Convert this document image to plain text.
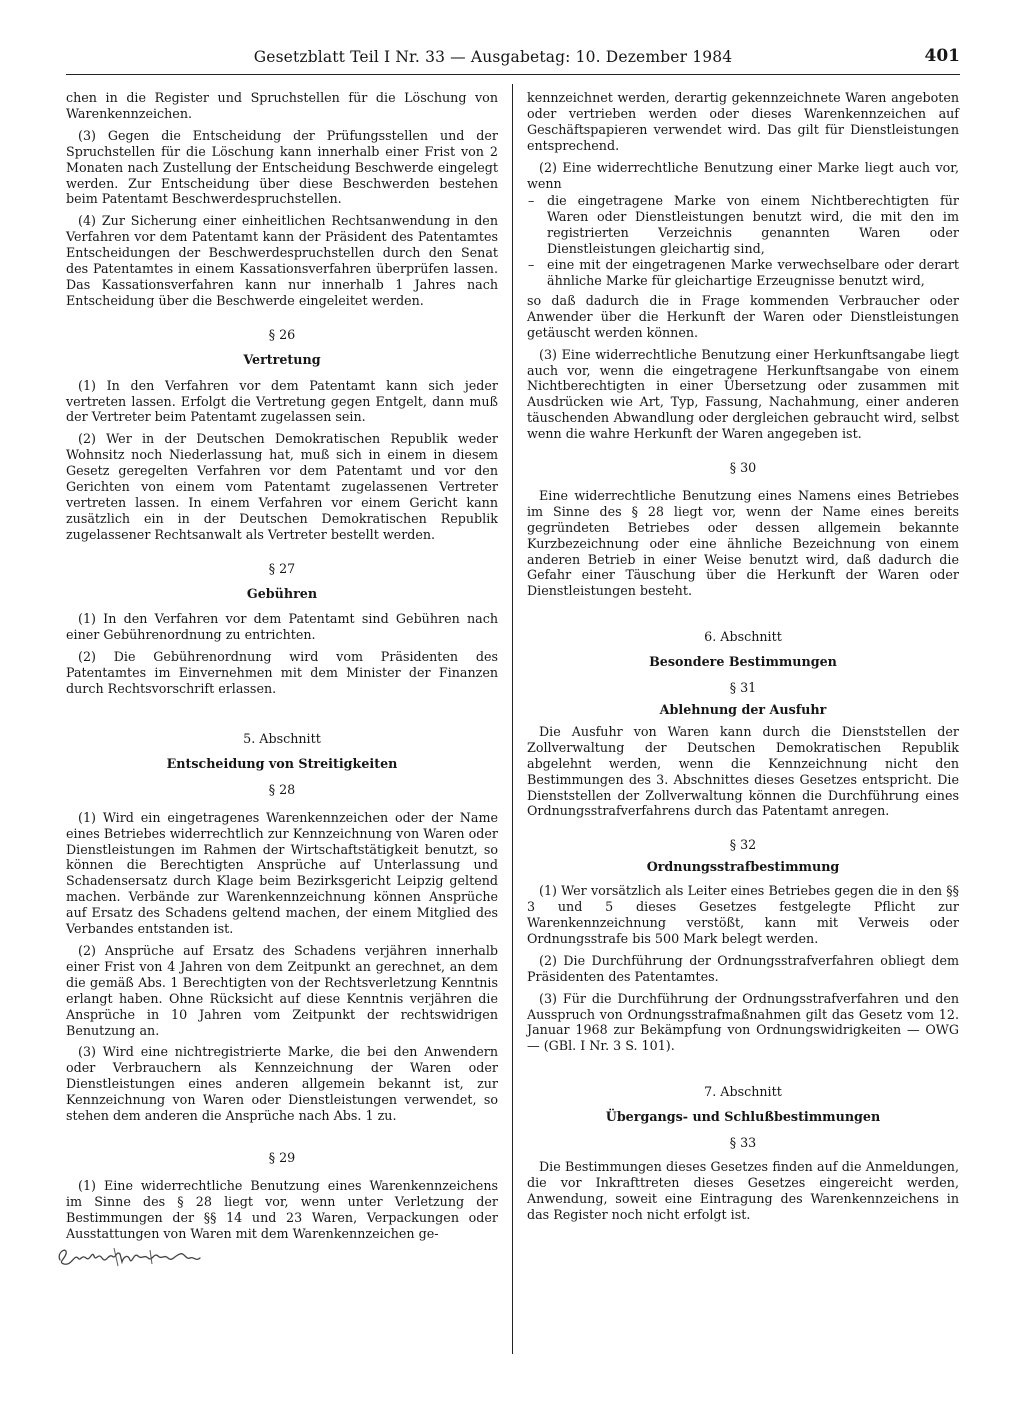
Gesetzblatt Teil I Nr. 33 — Ausgabetag: 10. Dezember 1984	401

chen in die Register und Spruchstellen für die Löschung von Warenkennzeichen.

(3) Gegen die Entscheidung der Prüfungsstellen und der Spruchstellen für die Löschung kann innerhalb einer Frist von 2 Monaten nach Zustellung der Entscheidung Beschwerde eingelegt werden. Zur Entscheidung über diese Beschwerden bestehen beim Patentamt Beschwerdespruchstellen.

(4) Zur Sicherung einer einheitlichen Rechtsanwendung in den Verfahren vor dem Patentamt kann der Präsident des Patentamtes Entscheidungen der Beschwerdespruchstellen durch den Senat des Patentamtes in einem Kassationsverfahren überprüfen lassen. Das Kassationsverfahren kann nur innerhalb 1 Jahres nach Entscheidung über die Beschwerde eingeleitet werden.

§ 26
Vertretung

(1) In den Verfahren vor dem Patentamt kann sich jeder vertreten lassen. Erfolgt die Vertretung gegen Entgelt, dann muß der Vertreter beim Patentamt zugelassen sein.

(2) Wer in der Deutschen Demokratischen Republik weder Wohnsitz noch Niederlassung hat, muß sich in einem in diesem Gesetz geregelten Verfahren vor dem Patentamt und vor den Gerichten von einem vom Patentamt zugelassenen Vertreter vertreten lassen. In einem Verfahren vor einem Gericht kann zusätzlich ein in der Deutschen Demokratischen Republik zugelassener Rechtsanwalt als Vertreter bestellt werden.

§ 27
Gebühren

(1) In den Verfahren vor dem Patentamt sind Gebühren nach einer Gebührenordnung zu entrichten.

(2) Die Gebührenordnung wird vom Präsidenten des Patentamtes im Einvernehmen mit dem Minister der Finanzen durch Rechtsvorschrift erlassen.

5. Abschnitt
Entscheidung von Streitigkeiten
§ 28

(1) Wird ein eingetragenes Warenkennzeichen oder der Name eines Betriebes widerrechtlich zur Kennzeichnung von Waren oder Dienstleistungen im Rahmen der Wirtschaftstätigkeit benutzt, so können die Berechtigten Ansprüche auf Unterlassung und Schadensersatz durch Klage beim Bezirksgericht Leipzig geltend machen. Verbände zur Warenkennzeichnung können Ansprüche auf Ersatz des Schadens geltend machen, der einem Mitglied des Verbandes entstanden ist.

(2) Ansprüche auf Ersatz des Schadens verjähren innerhalb einer Frist von 4 Jahren von dem Zeitpunkt an gerechnet, an dem die gemäß Abs. 1 Berechtigten von der Rechtsverletzung Kenntnis erlangt haben. Ohne Rücksicht auf diese Kenntnis verjähren die Ansprüche in 10 Jahren vom Zeitpunkt der rechtswidrigen Benutzung an.

(3) Wird eine nichtregistrierte Marke, die bei den Anwendern oder Verbrauchern als Kennzeichnung der Waren oder Dienstleistungen eines anderen allgemein bekannt ist, zur Kennzeichnung von Waren oder Dienstleistungen verwendet, so stehen dem anderen die Ansprüche nach Abs. 1 zu.

§ 29

(1) Eine widerrechtliche Benutzung eines Warenkennzeichens im Sinne des § 28 liegt vor, wenn unter Verletzung der Bestimmungen der §§ 14 und 23 Waren, Verpackungen oder Ausstattungen von Waren mit dem Warenkennzeichen ge-

kennzeichnet werden, derartig gekennzeichnete Waren angeboten oder vertrieben werden oder dieses Warenkennzeichen auf Geschäftspapieren verwendet wird. Das gilt für Dienstleistungen entsprechend.

(2) Eine widerrechtliche Benutzung einer Marke liegt auch vor, wenn

– die eingetragene Marke von einem Nichtberechtigten für Waren oder Dienstleistungen benutzt wird, die mit den im registrierten Verzeichnis genannten Waren oder Dienstleistungen gleichartig sind,
– eine mit der eingetragenen Marke verwechselbare oder derart ähnliche Marke für gleichartige Erzeugnisse benutzt wird,

so daß dadurch die in Frage kommenden Verbraucher oder Anwender über die Herkunft der Waren oder Dienstleistungen getäuscht werden können.

(3) Eine widerrechtliche Benutzung einer Herkunftsangabe liegt auch vor, wenn die eingetragene Herkunftsangabe von einem Nichtberechtigten in einer Übersetzung oder zusammen mit Ausdrücken wie Art, Typ, Fassung, Nachahmung, einer anderen täuschenden Abwandlung oder dergleichen gebraucht wird, selbst wenn die wahre Herkunft der Waren angegeben ist.

§ 30

Eine widerrechtliche Benutzung eines Namens eines Betriebes im Sinne des § 28 liegt vor, wenn der Name eines bereits gegründeten Betriebes oder dessen allgemein bekannte Kurzbezeichnung oder eine ähnliche Bezeichnung von einem anderen Betrieb in einer Weise benutzt wird, daß dadurch die Gefahr einer Täuschung über die Herkunft der Waren oder Dienstleistungen besteht.

6. Abschnitt
Besondere Bestimmungen
§ 31
Ablehnung der Ausfuhr

Die Ausfuhr von Waren kann durch die Dienststellen der Zollverwaltung der Deutschen Demokratischen Republik abgelehnt werden, wenn die Kennzeichnung nicht den Bestimmungen des 3. Abschnittes dieses Gesetzes entspricht. Die Dienststellen der Zollverwaltung können die Durchführung eines Ordnungsstrafverfahrens durch das Patentamt anregen.

§ 32
Ordnungsstrafbestimmung

(1) Wer vorsätzlich als Leiter eines Betriebes gegen die in den §§ 3 und 5 dieses Gesetzes festgelegte Pflicht zur Warenkennzeichnung verstößt, kann mit Verweis oder Ordnungsstrafe bis 500 Mark belegt werden.

(2) Die Durchführung der Ordnungsstrafverfahren obliegt dem Präsidenten des Patentamtes.

(3) Für die Durchführung der Ordnungsstrafverfahren und den Ausspruch von Ordnungsstrafmaßnahmen gilt das Gesetz vom 12. Januar 1968 zur Bekämpfung von Ordnungswidrigkeiten — OWG — (GBl. I Nr. 3 S. 101).

7. Abschnitt
Übergangs- und Schlußbestimmungen
§ 33

Die Bestimmungen dieses Gesetzes finden auf die Anmeldungen, die vor Inkrafttreten dieses Gesetzes eingereicht werden, Anwendung, soweit eine Eintragung des Warenkennzeichens in das Register noch nicht erfolgt ist.
